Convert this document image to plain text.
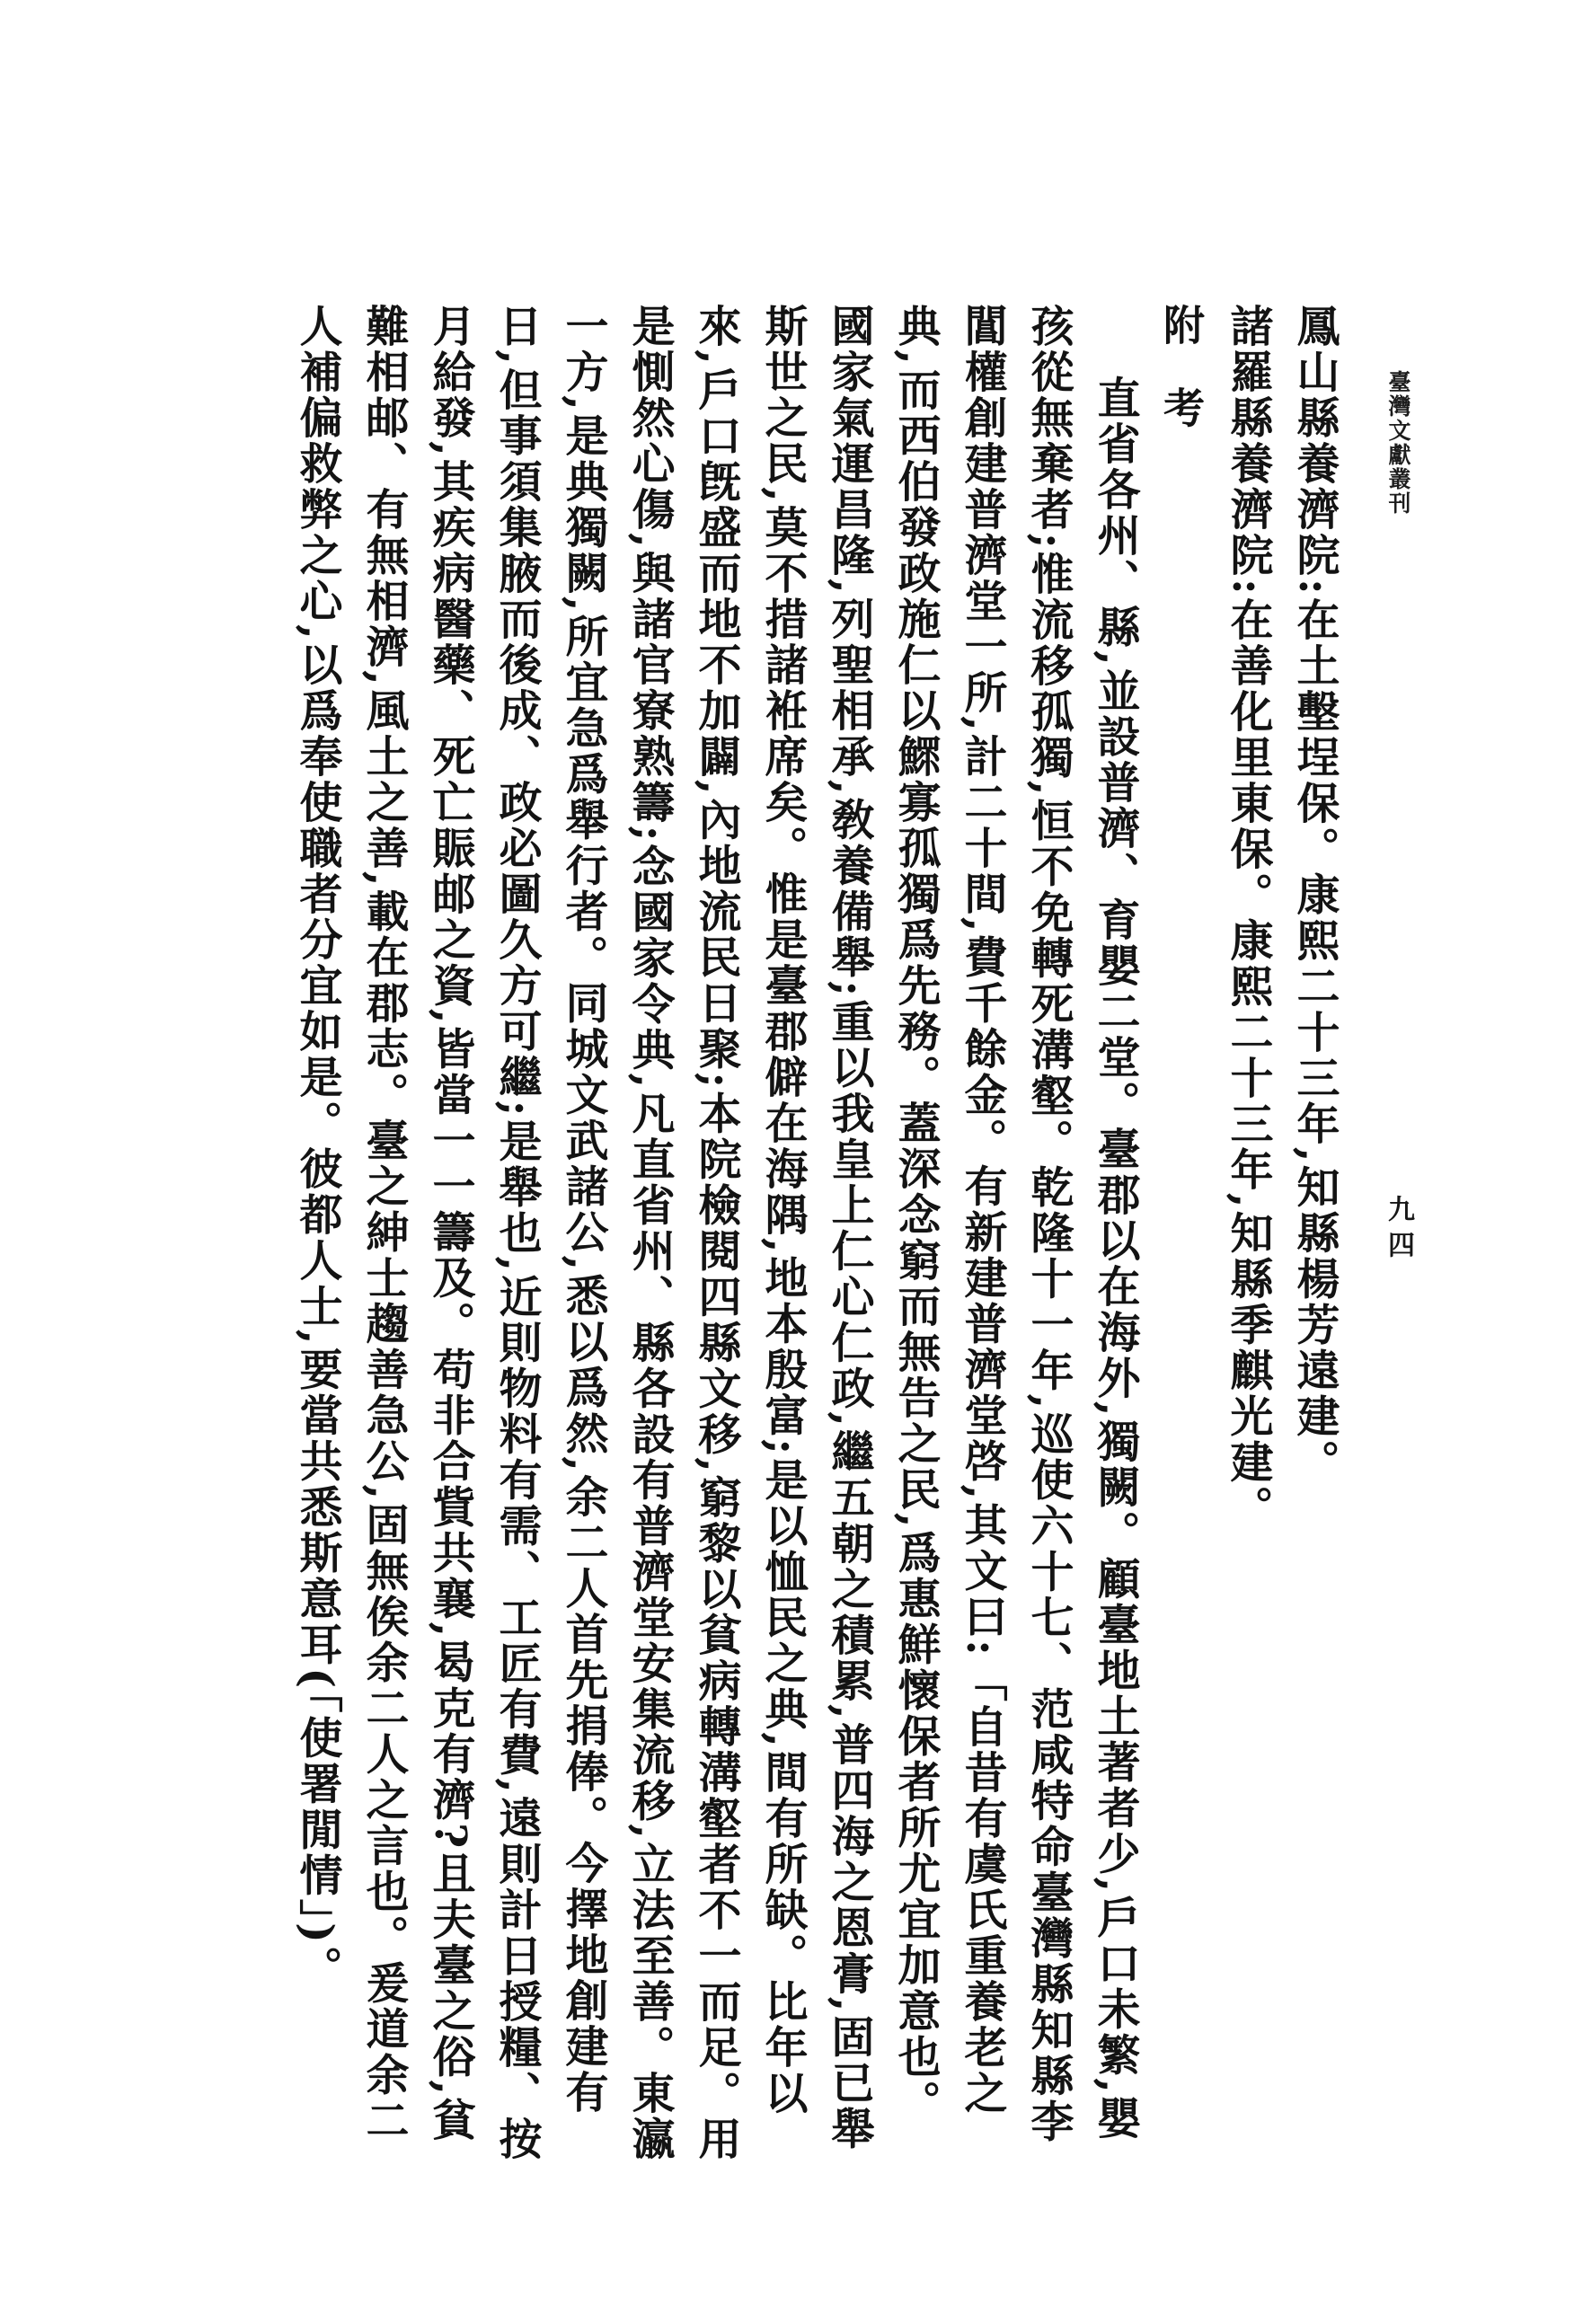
臺灣文獻叢刊
九四

鳳山縣養濟院:在土墼埕保。康熙二十三年,知縣楊芳遠建。

諸羅縣養濟院:在善化里東保。康熙二十三年,知縣季麒光建。

附考

直省各州、縣,並設普濟、育嬰二堂。臺郡以在海外,獨闕。顧臺地土著者少,戶口未繁,嬰孩從無棄者;惟流移孤獨,恒不免轉死溝壑。乾隆十一年,巡使六十七、范咸特命臺灣縣知縣李閶權創建普濟堂一所,計二十間,費千餘金。有新建普濟堂啓,其文曰:「自昔有虞氏重養老之典,而西伯發政施仁以鰥寡孤獨爲先務。蓋深念窮而無告之民,爲惠鮮懷保者所尤宜加意也。國家氣運昌隆,列聖相承,敎養備舉;重以我皇上仁心仁政,繼五朝之積累,普四海之恩膏,固已舉斯世之民,莫不措諸袵席矣。惟是臺郡僻在海隅,地本殷富;是以恤民之典,間有所缺。比年以來,戶口旣盛而地不加闢,內地流民日聚;本院檢閱四縣文移,窮黎以貧病轉溝壑者不一而足。用是惻然心傷,與諸官寮熟籌;念國家令典,凡直省州、縣各設有普濟堂安集流移,立法至善。東瀛一方,是典獨闕,所宜急爲舉行者。同城文武諸公,悉以爲然,余二人首先捐俸。今擇地創建有日,但事須集腋而後成、政必圖久方可繼;是舉也,近則物料有需、工匠有費,遠則計日授糧、按月給發,其疾病醫藥、死亡賑邮之資,皆當一一籌及。苟非合貲共襄,曷克有濟?且夫臺之俗,貧難相邮、有無相濟,風土之善,載在郡志。臺之紳士趨善急公,固無俟余二人之言也。爰道余二人補偏救弊之心,以爲奉使職者分宜如是。彼都人士,要當共悉斯意耳(「使署閒情」)。
